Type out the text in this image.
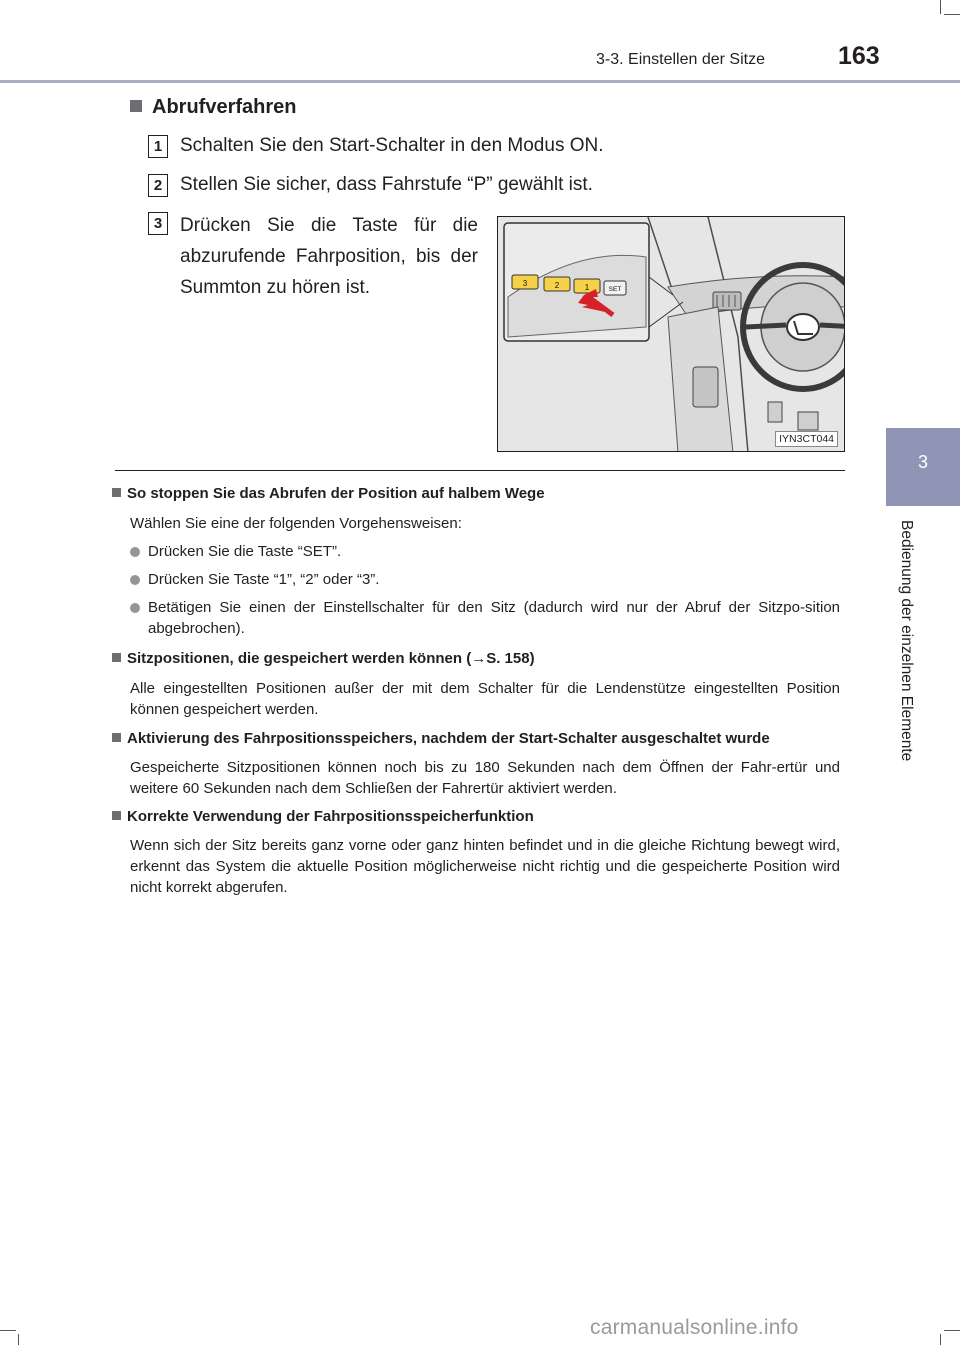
3-3. Einstellen der Sitze	163
3
Bedienung der einzelnen Elemente
Abrufverfahren
1 Schalten Sie den Start-Schalter in den Modus ON.
2 Stellen Sie sicher, dass Fahrstufe “P” gewählt ist.
3 Drücken Sie die Taste für die abzurufende Fahrposition, bis der Summton zu hören ist.	3	2	1	SET
IYN3CT044
So stoppen Sie das Abrufen der Position auf halbem Wege
Wählen Sie eine der folgenden Vorgehensweisen:
Drücken Sie die Taste “SET”.
Drücken Sie Taste “1”, “2” oder “3”.
Betätigen Sie einen der Einstellschalter für den Sitz (dadurch wird nur der Abruf der Sitzpo-sition abgebrochen).
Sitzpositionen, die gespeichert werden können (→S. 158)
Alle eingestellten Positionen außer der mit dem Schalter für die Lendenstütze eingestellten Position können gespeichert werden.
Aktivierung des Fahrpositionsspeichers, nachdem der Start-Schalter ausgeschaltet wurde
Gespeicherte Sitzpositionen können noch bis zu 180 Sekunden nach dem Öffnen der Fahr-ertür und weitere 60 Sekunden nach dem Schließen der Fahrertür aktiviert werden.
Korrekte Verwendung der Fahrpositionsspeicherfunktion
Wenn sich der Sitz bereits ganz vorne oder ganz hinten befindet und in die gleiche Richtung bewegt wird, erkennt das System die aktuelle Position möglicherweise nicht richtig und die gespeicherte Position wird nicht korrekt abgerufen.
carmanualsonline.info
